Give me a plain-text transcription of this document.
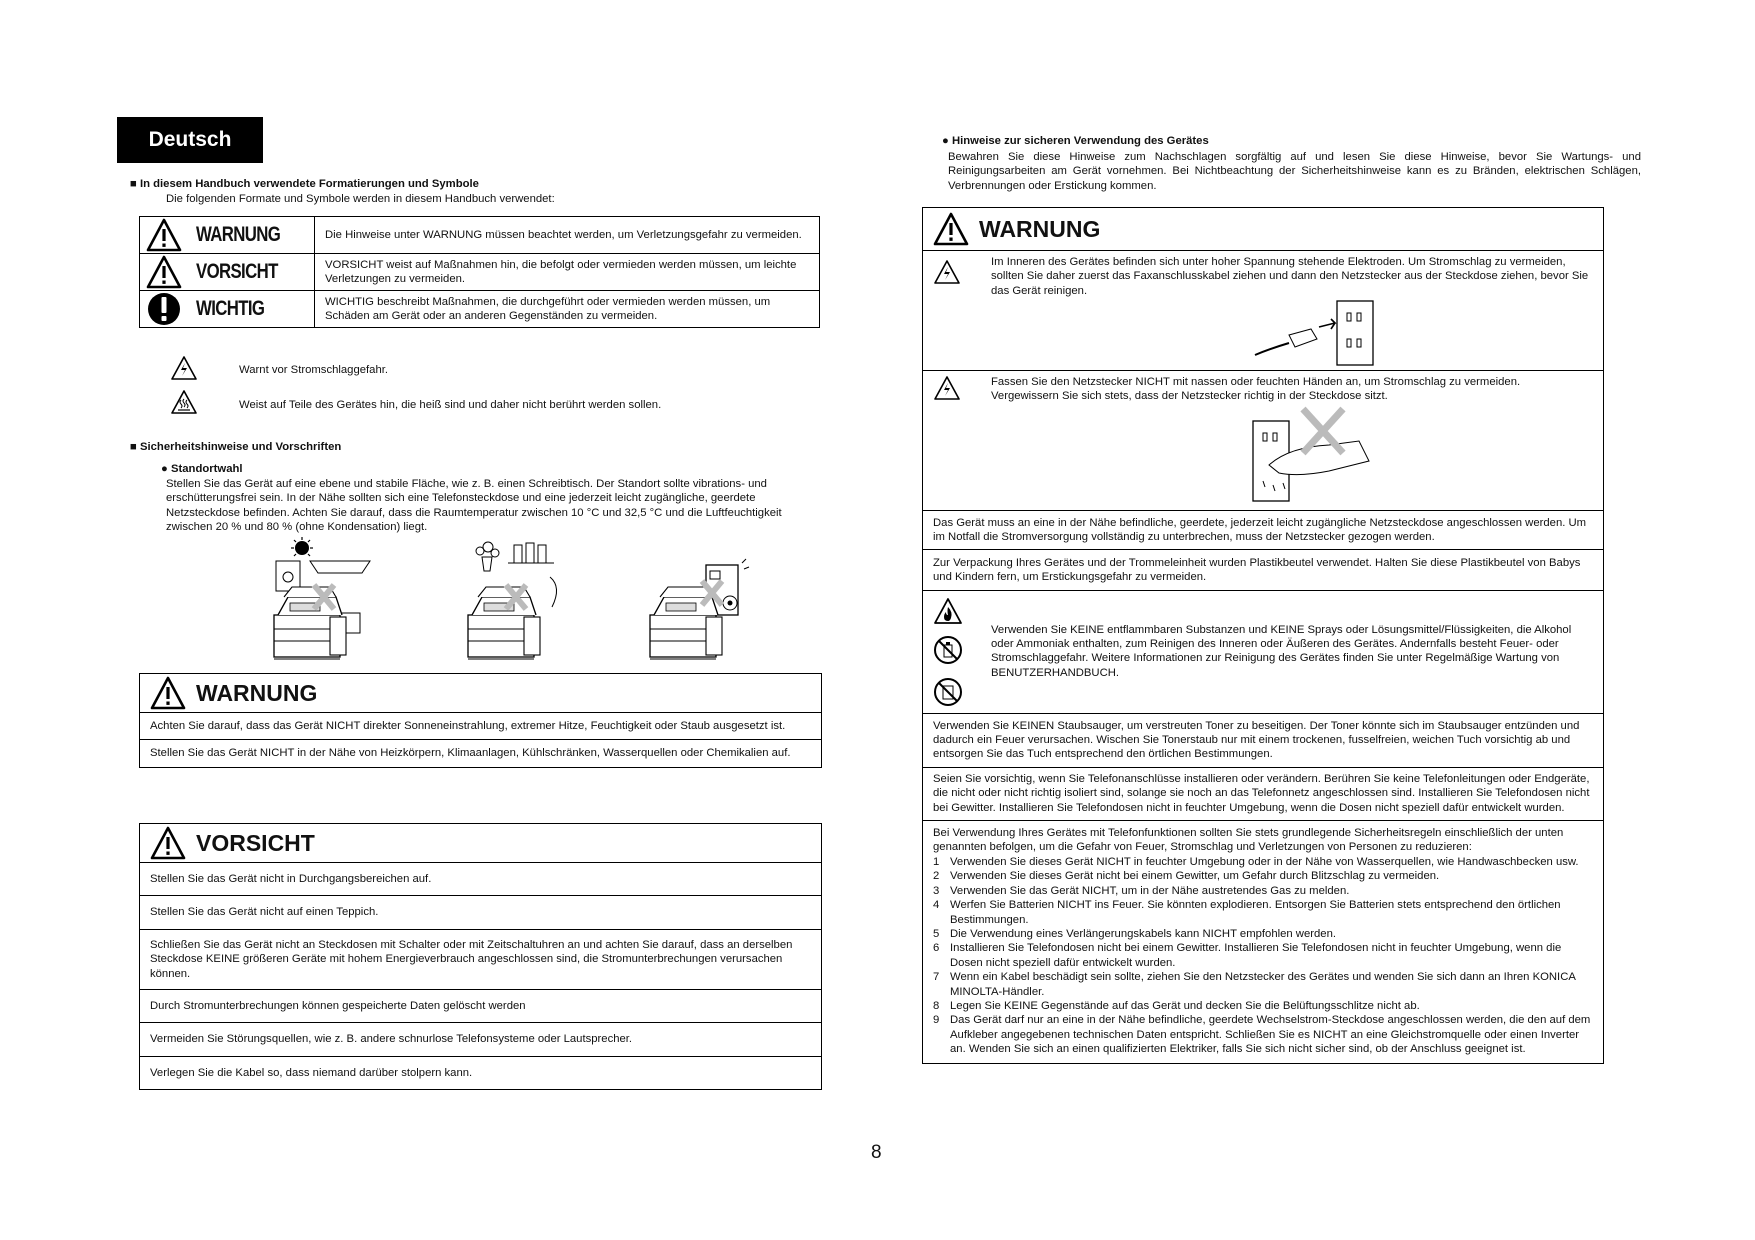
Deutsch
■ In diesem Handbuch verwendete Formatierungen und Symbole
Die folgenden Formate und Symbole werden in diesem Handbuch verwendet:
WARNUNG	Die Hinweise unter WARNUNG müssen beachtet werden, um Verletzungsgefahr zu vermeiden.

VORSICHT	VORSICHT weist auf Maßnahmen hin, die befolgt oder vermieden werden müssen, um leichte Verletzungen zu vermeiden.

WICHTIG	WICHTIG beschreibt Maßnahmen, die durchgeführt oder vermieden werden müssen, um Schäden am Gerät oder an anderen Gegenständen zu vermeiden.
Warnt vor Stromschlaggefahr.
Weist auf Teile des Gerätes hin, die heiß sind und daher nicht berührt werden sollen.
■ Sicherheitshinweise und Vorschriften
● Standortwahl
Stellen Sie das Gerät auf eine ebene und stabile Fläche, wie z. B. einen Schreibtisch. Der Standort sollte vibrations- und
erschütterungsfrei sein. In der Nähe sollten sich eine Telefonsteckdose und eine jederzeit leicht zugängliche, geerdete
Netzsteckdose befinden. Achten Sie darauf, dass die Raumtemperatur zwischen 10 °C und 32,5 °C und die Luftfeuchtigkeit
zwischen 20 % und 80 % (ohne Kondensation) liegt.
WARNUNG
Achten Sie darauf, dass das Gerät NICHT direkter Sonneneinstrahlung, extremer Hitze, Feuchtigkeit oder Staub ausgesetzt ist.
Stellen Sie das Gerät NICHT in der Nähe von Heizkörpern, Klimaanlagen, Kühlschränken, Wasserquellen oder Chemikalien auf.
VORSICHT
Stellen Sie das Gerät nicht in Durchgangsbereichen auf.
Stellen Sie das Gerät nicht auf einen Teppich.
Schließen Sie das Gerät nicht an Steckdosen mit Schalter oder mit Zeitschaltuhren an und achten Sie darauf, dass an derselben Steckdose KEINE größeren Geräte mit hohem Energieverbrauch angeschlossen sind, die Stromunterbrechungen verursachen können.
Durch Stromunterbrechungen können gespeicherte Daten gelöscht werden
Vermeiden Sie Störungsquellen, wie z. B. andere schnurlose Telefonsysteme oder Lautsprecher.
Verlegen Sie die Kabel so, dass niemand darüber stolpern kann.
● Hinweise zur sicheren Verwendung des Gerätes
Bewahren Sie diese Hinweise zum Nachschlagen sorgfältig auf und lesen Sie diese Hinweise, bevor Sie Wartungs- und Reinigungsarbeiten am Gerät vornehmen. Bei Nichtbeachtung der Sicherheitshinweise kann es zu Bränden, elektrischen Schlägen, Verbrennungen oder Erstickung kommen.
WARNUNG
Im Inneren des Gerätes befinden sich unter hoher Spannung stehende Elektroden. Um Stromschlag zu vermeiden, sollten Sie daher zuerst das Faxanschlusskabel ziehen und dann den Netzstecker aus der Steckdose ziehen, bevor Sie das Gerät reinigen.
Fassen Sie den Netzstecker NICHT mit nassen oder feuchten Händen an, um Stromschlag zu vermeiden. Vergewissern Sie sich stets, dass der Netzstecker richtig in der Steckdose sitzt.
Das Gerät muss an eine in der Nähe befindliche, geerdete, jederzeit leicht zugängliche Netzsteckdose angeschlossen werden. Um im Notfall die Stromversorgung vollständig zu unterbrechen, muss der Netzstecker gezogen werden.
Zur Verpackung Ihres Gerätes und der Trommeleinheit wurden Plastikbeutel verwendet. Halten Sie diese Plastikbeutel von Babys und Kindern fern, um Erstickungsgefahr zu vermeiden.
Verwenden Sie KEINE entflammbaren Substanzen und KEINE Sprays oder Lösungsmittel/Flüssigkeiten, die Alkohol oder Ammoniak enthalten, zum Reinigen des Inneren oder Äußeren des Gerätes. Andernfalls besteht Feuer- oder Stromschlaggefahr. Weitere Informationen zur Reinigung des Gerätes finden Sie unter Regelmäßige Wartung von BENUTZERHANDBUCH.
Verwenden Sie KEINEN Staubsauger, um verstreuten Toner zu beseitigen. Der Toner könnte sich im Staubsauger entzünden und dadurch ein Feuer verursachen. Wischen Sie Tonerstaub nur mit einem trockenen, fusselfreien, weichen Tuch vorsichtig ab und entsorgen Sie das Tuch entsprechend den örtlichen Bestimmungen.
Seien Sie vorsichtig, wenn Sie Telefonanschlüsse installieren oder verändern. Berühren Sie keine Telefonleitungen oder Endgeräte, die nicht oder nicht richtig isoliert sind, solange sie noch an das Telefonnetz angeschlossen sind. Installieren Sie Telefondosen nicht bei Gewitter. Installieren Sie Telefondosen nicht in feuchter Umgebung, wenn die Dosen nicht speziell dafür entwickelt wurden.
Bei Verwendung Ihres Gerätes mit Telefonfunktionen sollten Sie stets grundlegende Sicherheitsregeln einschließlich der unten genannten befolgen, um die Gefahr von Feuer, Stromschlag und Verletzungen von Personen zu reduzieren:
1 Verwenden Sie dieses Gerät NICHT in feuchter Umgebung oder in der Nähe von Wasserquellen, wie Handwaschbecken usw.
2 Verwenden Sie dieses Gerät nicht bei einem Gewitter, um Gefahr durch Blitzschlag zu vermeiden.
3 Verwenden Sie das Gerät NICHT, um in der Nähe austretendes Gas zu melden.
4 Werfen Sie Batterien NICHT ins Feuer. Sie könnten explodieren. Entsorgen Sie Batterien stets entsprechend den örtlichen Bestimmungen.
5 Die Verwendung eines Verlängerungskabels kann NICHT empfohlen werden.
6 Installieren Sie Telefondosen nicht bei einem Gewitter. Installieren Sie Telefondosen nicht in feuchter Umgebung, wenn die Dosen nicht speziell dafür entwickelt wurden.
7 Wenn ein Kabel beschädigt sein sollte, ziehen Sie den Netzstecker des Gerätes und wenden Sie sich dann an Ihren KONICA MINOLTA-Händler.
8 Legen Sie KEINE Gegenstände auf das Gerät und decken Sie die Belüftungsschlitze nicht ab.
9 Das Gerät darf nur an eine in der Nähe befindliche, geerdete Wechselstrom-Steckdose angeschlossen werden, die den auf dem Aufkleber angegebenen technischen Daten entspricht. Schließen Sie es NICHT an eine Gleichstromquelle oder einen Inverter an. Wenden Sie sich an einen qualifizierten Elektriker, falls Sie sich nicht sicher sind, ob der Anschluss geeignet ist.
8
